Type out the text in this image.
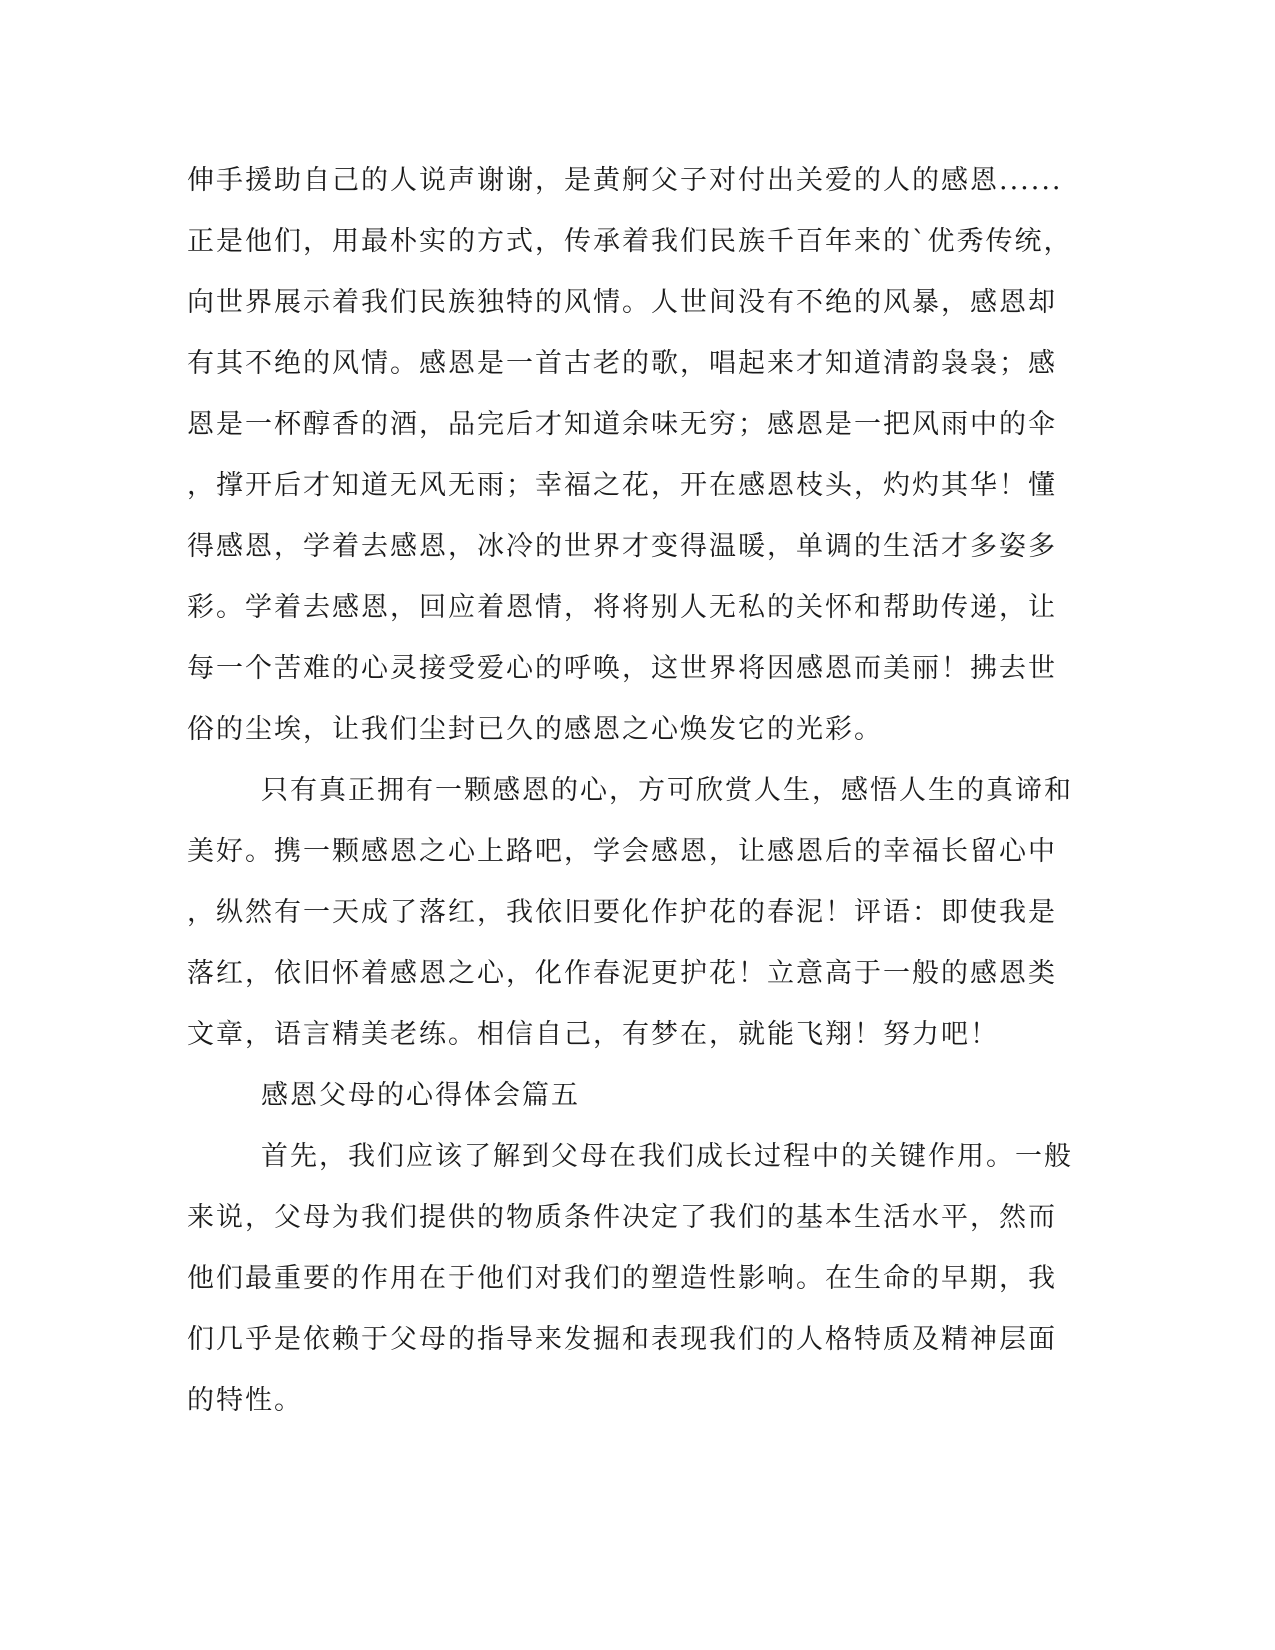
伸手援助自己的人说声谢谢，是黄舸父子对付出关爱的人的感恩......
正是他们，用最朴实的方式，传承着我们民族千百年来的`优秀传统，
向世界展示着我们民族独特的风情。人世间没有不绝的风暴，感恩却
有其不绝的风情。感恩是一首古老的歌，唱起来才知道清韵袅袅；感
恩是一杯醇香的酒，品完后才知道余味无穷；感恩是一把风雨中的伞
，撑开后才知道无风无雨；幸福之花，开在感恩枝头，灼灼其华！懂
得感恩，学着去感恩，冰冷的世界才变得温暖，单调的生活才多姿多
彩。学着去感恩，回应着恩情，将将别人无私的关怀和帮助传递，让
每一个苦难的心灵接受爱心的呼唤，这世界将因感恩而美丽！拂去世
俗的尘埃，让我们尘封已久的感恩之心焕发它的光彩。
只有真正拥有一颗感恩的心，方可欣赏人生，感悟人生的真谛和
美好。携一颗感恩之心上路吧，学会感恩，让感恩后的幸福长留心中
，纵然有一天成了落红，我依旧要化作护花的春泥！评语：即使我是
落红，依旧怀着感恩之心，化作春泥更护花！立意高于一般的感恩类
文章，语言精美老练。相信自己，有梦在，就能飞翔！努力吧！
感恩父母的心得体会篇五
首先，我们应该了解到父母在我们成长过程中的关键作用。一般
来说，父母为我们提供的物质条件决定了我们的基本生活水平，然而
他们最重要的作用在于他们对我们的塑造性影响。在生命的早期，我
们几乎是依赖于父母的指导来发掘和表现我们的人格特质及精神层面
的特性。
